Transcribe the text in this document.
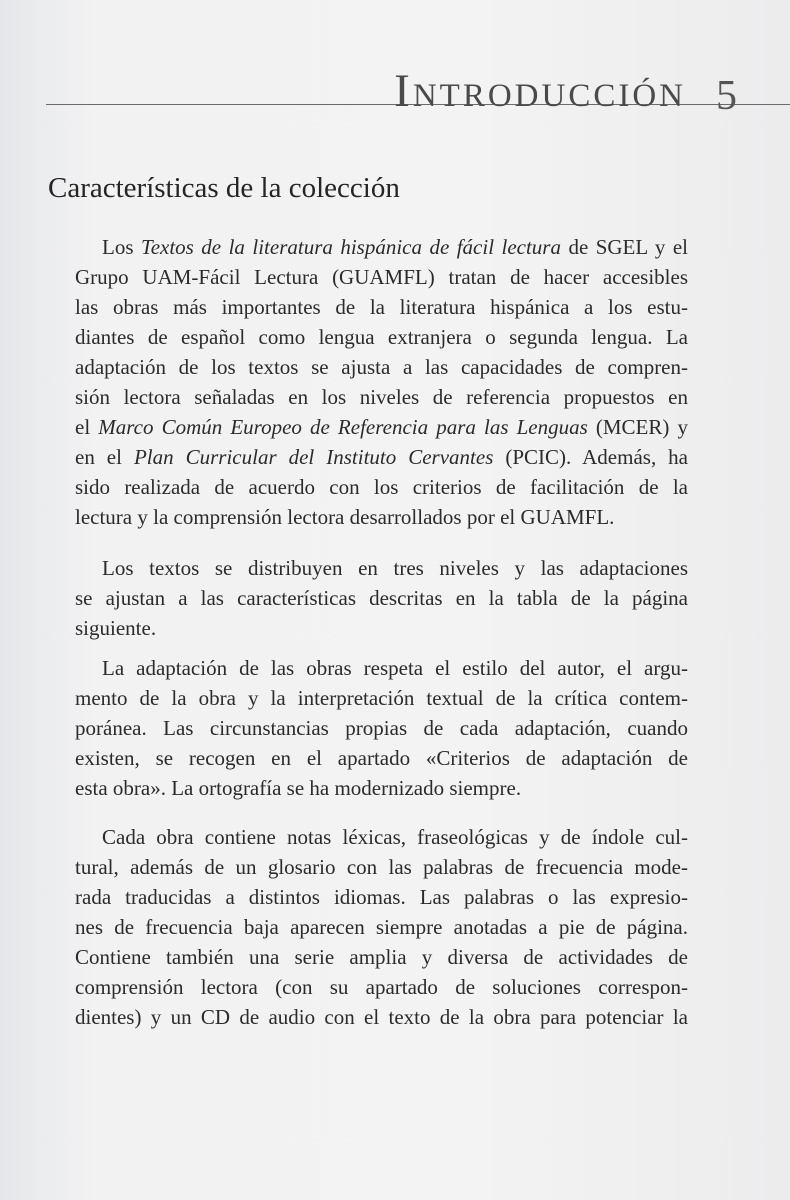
Introducción 5
Características de la colección

Los Textos de la literatura hispánica de fácil lectura de SGEL y el
Grupo UAM-Fácil Lectura (GUAMFL) tratan de hacer accesibles
las obras más importantes de la literatura hispánica a los estu-
diantes de español como lengua extranjera o segunda lengua. La
adaptación de los textos se ajusta a las capacidades de compren-
sión lectora señaladas en los niveles de referencia propuestos en
el Marco Común Europeo de Referencia para las Lenguas (MCER) y
en el Plan Curricular del Instituto Cervantes (PCIC). Además, ha
sido realizada de acuerdo con los criterios de facilitación de la
lectura y la comprensión lectora desarrollados por el GUAMFL.

Los textos se distribuyen en tres niveles y las adaptaciones
se ajustan a las características descritas en la tabla de la página
siguiente.

La adaptación de las obras respeta el estilo del autor, el argu-
mento de la obra y la interpretación textual de la crítica contem-
poránea. Las circunstancias propias de cada adaptación, cuando
existen, se recogen en el apartado «Criterios de adaptación de
esta obra». La ortografía se ha modernizado siempre.

Cada obra contiene notas léxicas, fraseológicas y de índole cul-
tural, además de un glosario con las palabras de frecuencia mode-
rada traducidas a distintos idiomas. Las palabras o las expresio-
nes de frecuencia baja aparecen siempre anotadas a pie de página.
Contiene también una serie amplia y diversa de actividades de
comprensión lectora (con su apartado de soluciones correspon-
dientes) y un CD de audio con el texto de la obra para potenciar la
